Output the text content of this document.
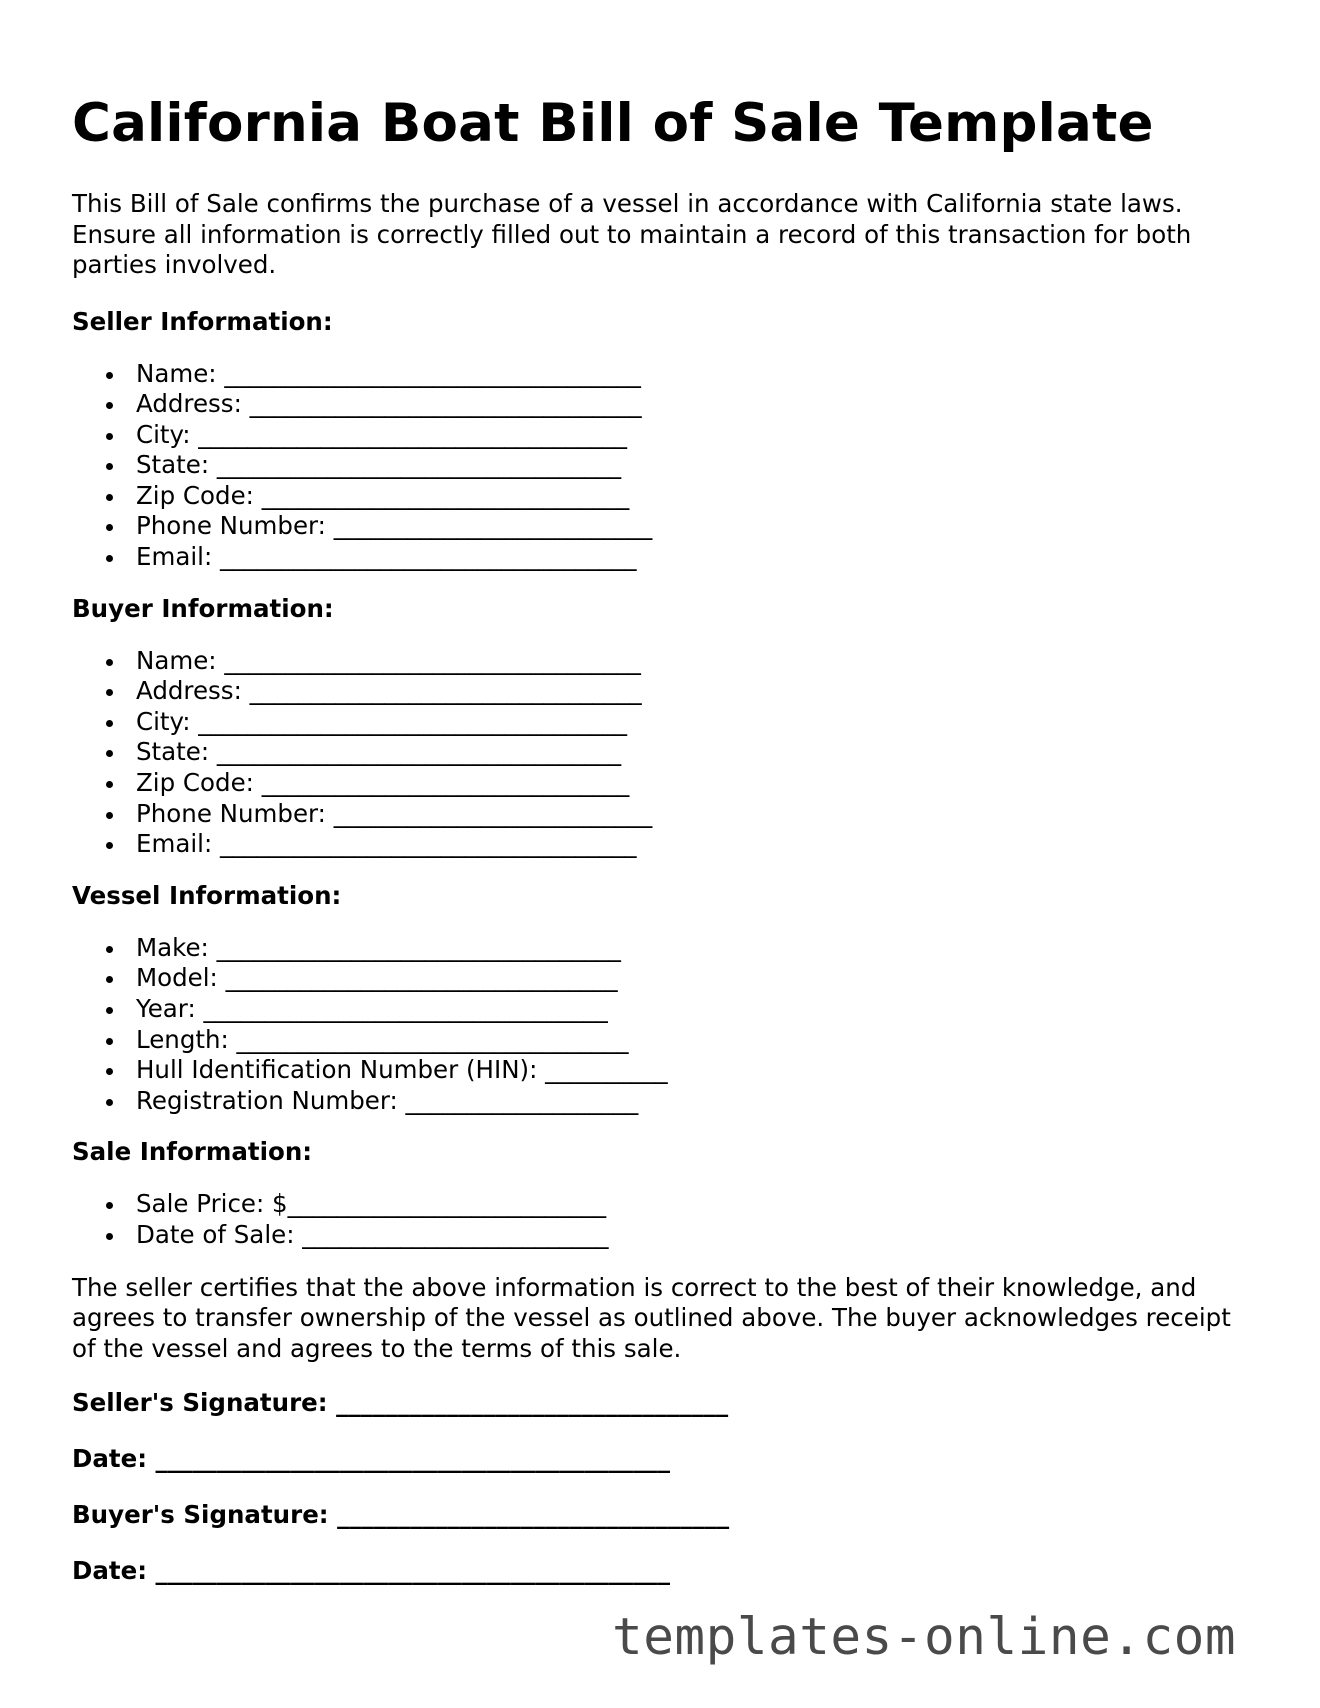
California Boat Bill of Sale Template

This Bill of Sale confirms the purchase of a vessel in accordance with California state laws. Ensure all information is correctly filled out to maintain a record of this transaction for both parties involved.

Seller Information:
Name: __________________________________
Address: ________________________________
City: ___________________________________
State: _________________________________
Zip Code: ______________________________
Phone Number: __________________________
Email: __________________________________
Buyer Information:
Name: __________________________________
Address: ________________________________
City: ___________________________________
State: _________________________________
Zip Code: ______________________________
Phone Number: __________________________
Email: __________________________________
Vessel Information:
Make: _________________________________
Model: ________________________________
Year: _________________________________
Length: ________________________________
Hull Identification Number (HIN): __________
Registration Number: ___________________
Sale Information:
Sale Price: $__________________________
Date of Sale: _________________________

The seller certifies that the above information is correct to the best of their knowledge, and agrees to transfer ownership of the vessel as outlined above. The buyer acknowledges receipt of the vessel and agrees to the terms of this sale.

Seller's Signature: ________________________________

Date: __________________________________________

Buyer's Signature: ________________________________

Date: __________________________________________

templates-online.com
